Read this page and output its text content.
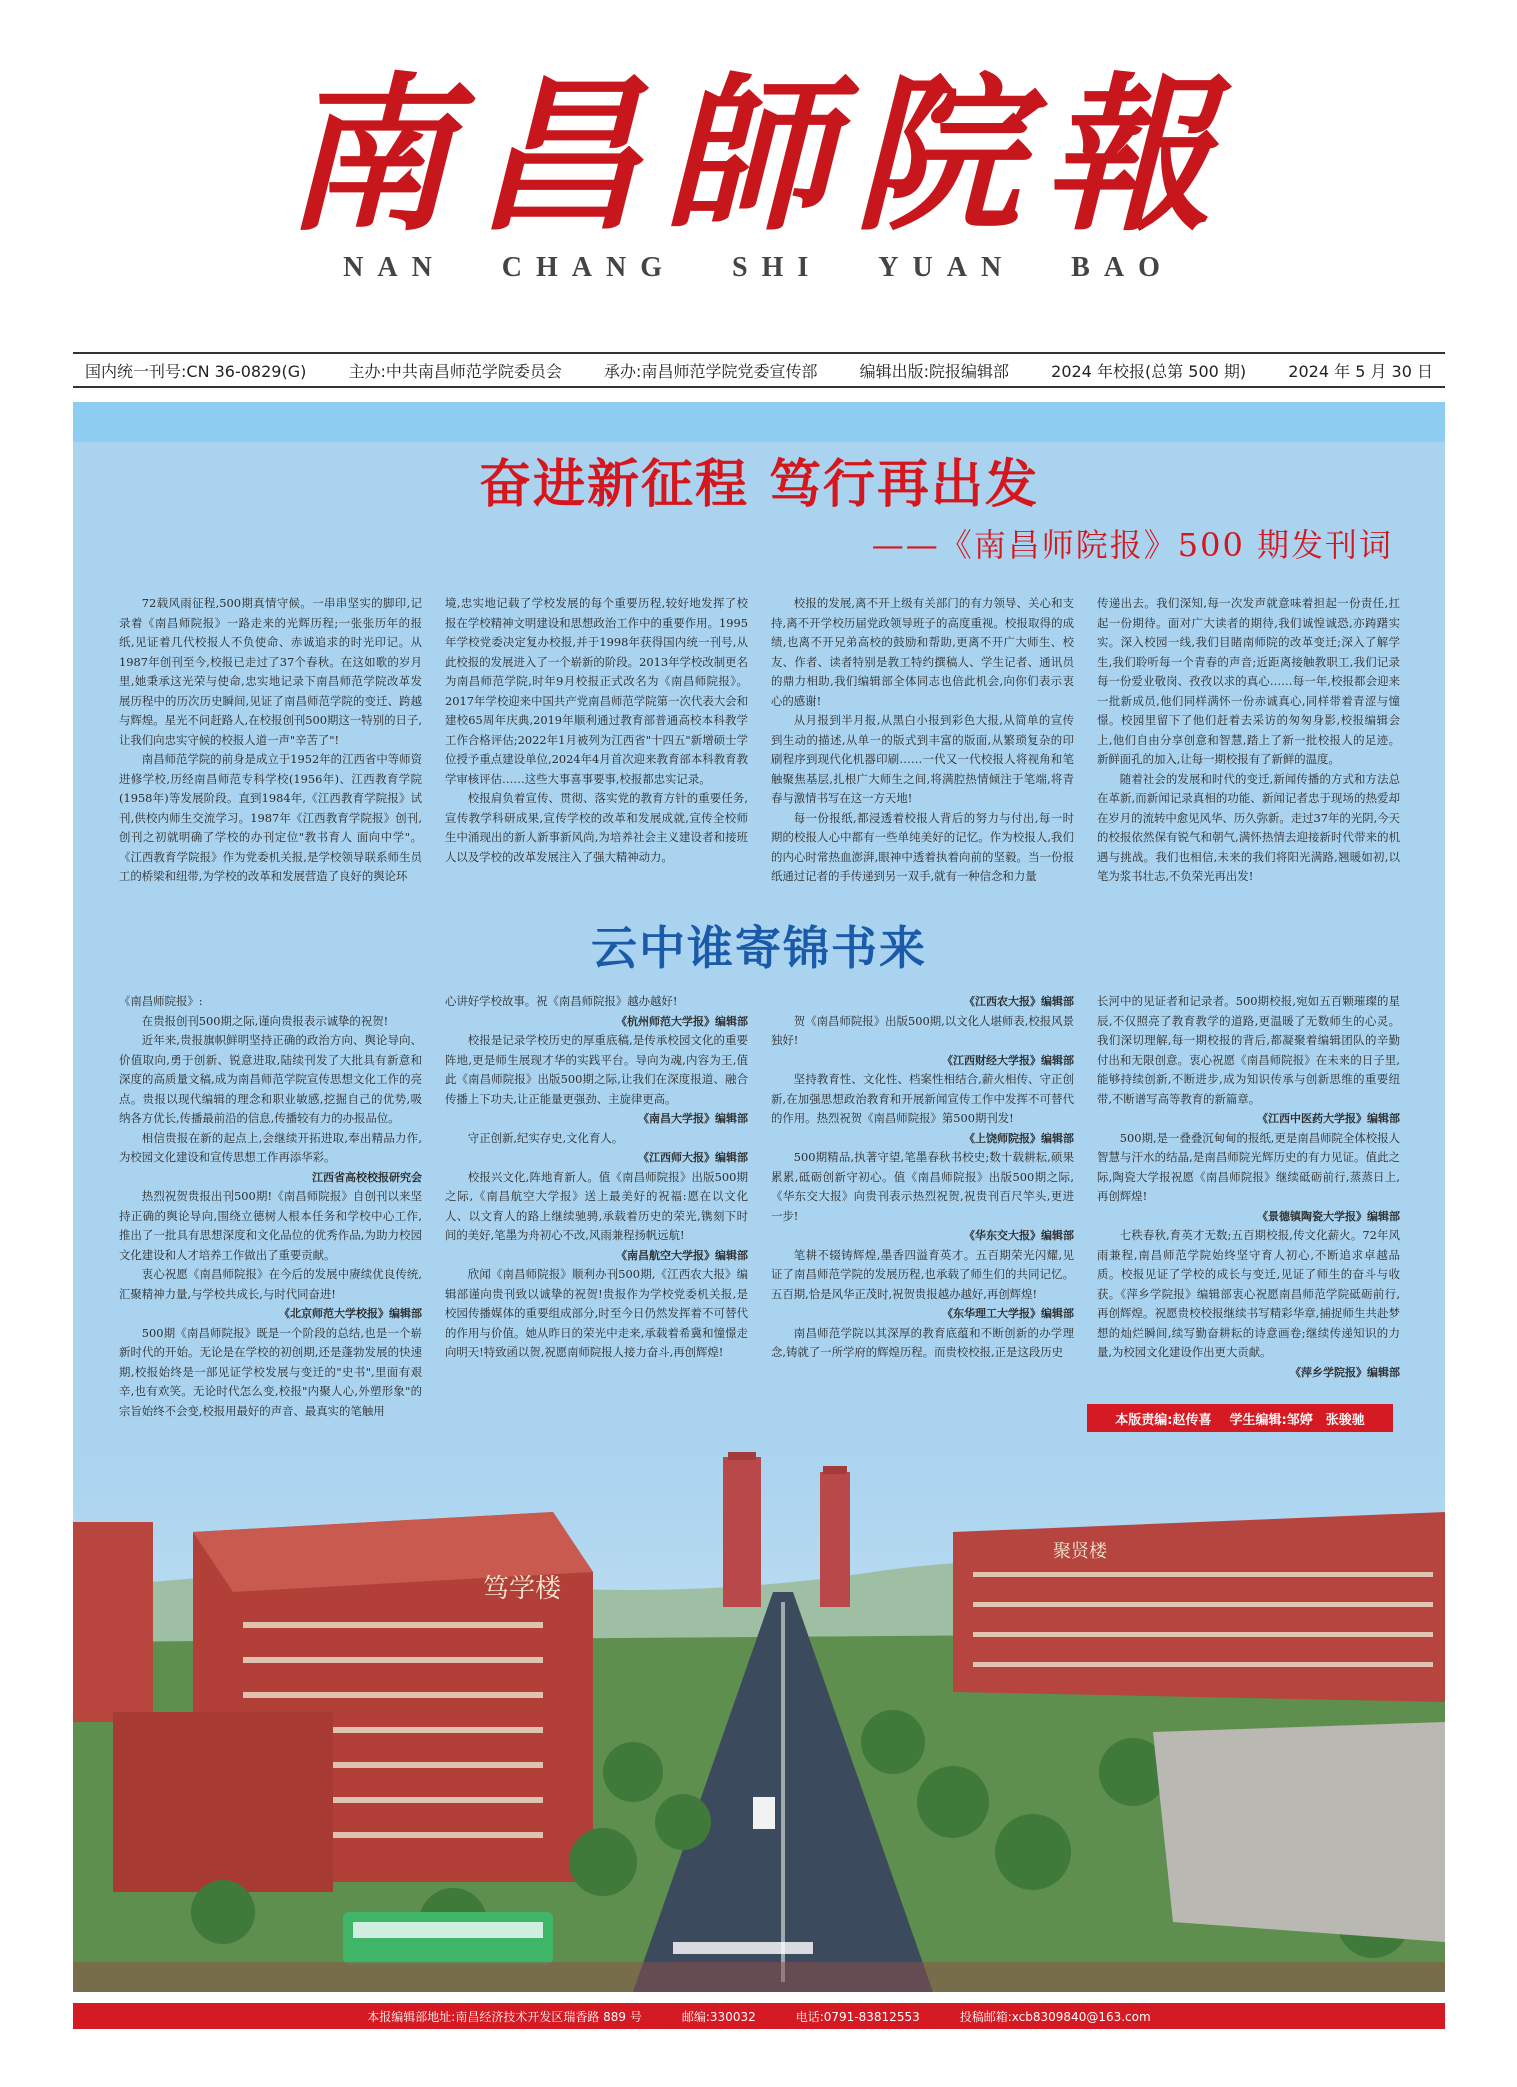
南昌師院報
NAN CHANG SHI YUAN BAO
国内统一刊号:CN 36-0829(G)	主办:中共南昌师范学院委员会	承办:南昌师范学院党委宣传部	编辑出版:院报编辑部	2024 年校报(总第 500 期)	2024 年 5 月 30 日
奋进新征程 笃行再出发
——《南昌师院报》500 期发刊词

72载风雨征程,500期真情守候。一串串坚实的脚印,记录着《南昌师院报》一路走来的光辉历程;一张张历年的报纸,见证着几代校报人不负使命、赤诚追求的时光印记。从1987年创刊至今,校报已走过了37个春秋。在这如歌的岁月里,她秉承这光荣与使命,忠实地记录下南昌师范学院改革发展历程中的历次历史瞬间,见证了南昌师范学院的变迁、跨越与辉煌。星光不问赶路人,在校报创刊500期这一特别的日子,让我们向忠实守候的校报人道一声"辛苦了"!

南昌师范学院的前身是成立于1952年的江西省中等师资进修学校,历经南昌师范专科学校(1956年)、江西教育学院(1958年)等发展阶段。直到1984年,《江西教育学院报》试刊,供校内师生交流学习。1987年《江西教育学院报》创刊,创刊之初就明确了学校的办刊定位"教书育人 面向中学"。《江西教育学院报》作为党委机关报,是学校领导联系师生员工的桥梁和纽带,为学校的改革和发展营造了良好的舆论环

境,忠实地记载了学校发展的每个重要历程,较好地发挥了校报在学校精神文明建设和思想政治工作中的重要作用。1995年学校党委决定复办校报,并于1998年获得国内统一刊号,从此校报的发展进入了一个崭新的阶段。2013年学校改制更名为南昌师范学院,时年9月校报正式改名为《南昌师院报》。2017年学校迎来中国共产党南昌师范学院第一次代表大会和建校65周年庆典,2019年顺利通过教育部普通高校本科教学工作合格评估;2022年1月被列为江西省"十四五"新增硕士学位授予重点建设单位,2024年4月首次迎来教育部本科教育教学审核评估……这些大事喜事要事,校报都忠实记录。

校报肩负着宣传、贯彻、落实党的教育方针的重要任务,宣传教学科研成果,宣传学校的改革和发展成就,宣传全校师生中涌现出的新人新事新风尚,为培养社会主义建设者和接班人以及学校的改革发展注入了强大精神动力。

校报的发展,离不开上级有关部门的有力领导、关心和支持,离不开学校历届党政领导班子的高度重视。校报取得的成绩,也离不开兄弟高校的鼓励和帮助,更离不开广大师生、校友、作者、读者特别是教工特约撰稿人、学生记者、通讯员的鼎力相助,我们编辑部全体同志也倍此机会,向你们表示衷心的感谢!

从月报到半月报,从黑白小报到彩色大报,从简单的宣传到生动的描述,从单一的版式到丰富的版面,从繁琐复杂的印刷程序到现代化机器印刷……一代又一代校报人将视角和笔触聚焦基层,扎根广大师生之间,将满腔热情倾注于笔端,将青春与激情书写在这一方天地!

每一份报纸,都浸透着校报人背后的努力与付出,每一时期的校报人心中都有一些单纯美好的记忆。作为校报人,我们的内心时常热血澎湃,眼神中透着执着向前的坚毅。当一份报纸通过记者的手传递到另一双手,就有一种信念和力量

传递出去。我们深知,每一次发声就意味着担起一份责任,扛起一份期待。面对广大读者的期待,我们诚惶诚恐,亦踌躇实实。深入校园一线,我们目睹南师院的改革变迁;深入了解学生,我们聆听每一个青春的声音;近距离接触教职工,我们记录每一份爱业敬岗、孜孜以求的真心……每一年,校报都会迎来一批新成员,他们同样满怀一份赤诚真心,同样带着青涩与憧憬。校园里留下了他们赶着去采访的匆匆身影,校报编辑会上,他们自由分享创意和智慧,踏上了新一批校报人的足迹。新鲜面孔的加入,让每一期校报有了新鲜的温度。

随着社会的发展和时代的变迁,新闻传播的方式和方法总在革新,而新闻记录真相的功能、新闻记者忠于现场的热爱却在岁月的流转中愈见风华、历久弥新。走过37年的光阴,今天的校报依然保有锐气和朝气,满怀热情去迎接新时代带来的机遇与挑战。我们也相信,未来的我们将阳光满路,翘暖如初,以笔为浆书壮志,不负荣光再出发!

云中谁寄锦书来

《南昌师院报》:

在贵报创刊500期之际,谨向贵报表示诚挚的祝贺!

近年来,贵报旗帜鲜明坚持正确的政治方向、舆论导向、价值取向,勇于创新、锐意进取,陆续刊发了大批具有新意和深度的高质量文稿,成为南昌师范学院宣传思想文化工作的亮点。贵报以现代编辑的理念和职业敏感,挖掘自己的优势,吸纳各方优长,传播最前沿的信息,传播较有力的办报品位。

相信贵报在新的起点上,会继续开拓进取,奉出精品力作,为校园文化建设和宣传思想工作再添华彩。

江西省高校校报研究会

热烈祝贺贵报出刊500期!《南昌师院报》自创刊以来坚持正确的舆论导向,围绕立德树人根本任务和学校中心工作,推出了一批具有思想深度和文化品位的优秀作品,为助力校园文化建设和人才培养工作做出了重要贡献。

衷心祝愿《南昌师院报》在今后的发展中赓续优良传统,汇聚精神力量,与学校共成长,与时代同奋进!

《北京师范大学校报》编辑部

500期《南昌师院报》既是一个阶段的总结,也是一个崭新时代的开始。无论是在学校的初创期,还是蓬勃发展的快速期,校报始终是一部见证学校发展与变迁的"史书",里面有艰辛,也有欢笑。无论时代怎么变,校报"内聚人心,外塑形象"的宗旨始终不会变,校报用最好的声音、最真实的笔触用

心讲好学校故事。祝《南昌师院报》越办越好!

《杭州师范大学报》编辑部

校报是记录学校历史的厚重底稿,是传承校园文化的重要阵地,更是师生展现才华的实践平台。导向为魂,内容为王,值此《南昌师院报》出版500期之际,让我们在深度报道、融合传播上下功夫,让正能量更强劲、主旋律更高。

《南昌大学报》编辑部

守正创新,纪实存史,文化育人。

《江西师大报》编辑部

校报兴文化,阵地育新人。值《南昌师院报》出版500期之际,《南昌航空大学报》送上最美好的祝福:愿在以文化人、以文育人的路上继续驰骋,承载着历史的荣光,镌刻下时间的美好,笔墨为舟初心不改,风雨兼程扬帆远航!

《南昌航空大学报》编辑部

欣闻《南昌师院报》顺利办刊500期,《江西农大报》编辑部谨向贵刊致以诚挚的祝贺!贵报作为学校党委机关报,是校园传播媒体的重要组成部分,时至今日仍然发挥着不可替代的作用与价值。她从昨日的荣光中走来,承载着希冀和憧憬走向明天!特致函以贺,祝愿南师院报人接力奋斗,再创辉煌!

《江西农大报》编辑部

贺《南昌师院报》出版500期,以文化人堪师表,校报风景独好!

《江西财经大学报》编辑部

坚持教育性、文化性、档案性相结合,薪火相传、守正创新,在加强思想政治教育和开展新闻宣传工作中发挥不可替代的作用。热烈祝贺《南昌师院报》第500期刊发!

《上饶师院报》编辑部

500期精品,执著守望,笔墨春秋书校史;数十载耕耘,硕果累累,砥砺创新守初心。值《南昌师院报》出版500期之际,《华东交大报》向贵刊表示热烈祝贺,祝贵刊百尺竿头,更进一步!

《华东交大报》编辑部

笔耕不辍铸辉煌,墨香四溢育英才。五百期荣光闪耀,见证了南昌师范学院的发展历程,也承载了师生们的共同记忆。五百期,恰是风华正茂时,祝贺贵报越办越好,再创辉煌!

《东华理工大学报》编辑部

南昌师范学院以其深厚的教育底蕴和不断创新的办学理念,铸就了一所学府的辉煌历程。而贵校校报,正是这段历史

长河中的见证者和记录者。500期校报,宛如五百颗璀璨的星辰,不仅照亮了教育教学的道路,更温暖了无数师生的心灵。我们深切理解,每一期校报的背后,都凝聚着编辑团队的辛勤付出和无限创意。衷心祝愿《南昌师院报》在未来的日子里,能够持续创新,不断进步,成为知识传承与创新思维的重要纽带,不断谱写高等教育的新篇章。

《江西中医药大学报》编辑部

500期,是一叠叠沉甸甸的报纸,更是南昌师院全体校报人智慧与汗水的结晶,是南昌师院光辉历史的有力见证。值此之际,陶瓷大学报祝愿《南昌师院报》继续砥砺前行,蒸蒸日上,再创辉煌!

《景德镇陶瓷大学报》编辑部

七秩春秋,育英才无数;五百期校报,传文化薪火。72年风雨兼程,南昌师范学院始终坚守育人初心,不断追求卓越品质。校报见证了学校的成长与变迁,见证了师生的奋斗与收获。《萍乡学院报》编辑部衷心祝愿南昌师范学院砥砺前行,再创辉煌。祝愿贵校校报继续书写精彩华章,捕捉师生共赴梦想的灿烂瞬间,续写勤奋耕耘的诗意画卷;继续传递知识的力量,为校园文化建设作出更大贡献。

《萍乡学院报》编辑部

本版责编:赵传喜 学生编辑:邹婷　张骏驰
笃学楼
聚贤楼
本报编辑部地址:南昌经济技术开发区瑞香路 889 号	邮编:330032	电话:0791-83812553	投稿邮箱:xcb8309840@163.com
